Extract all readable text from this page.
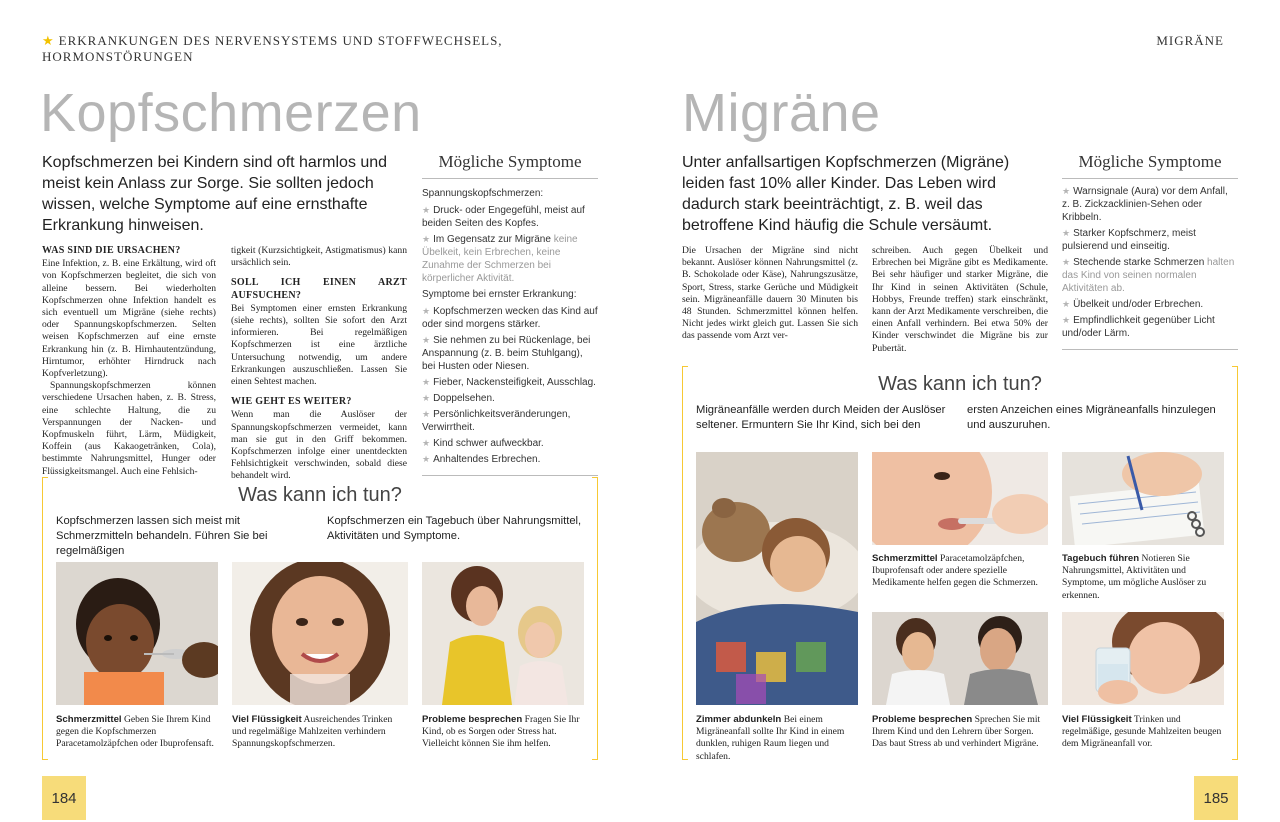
★ ERKRANKUNGEN DES NERVENSYSTEMS UND STOFFWECHSELS, HORMONSTÖRUNGEN
Kopfschmerzen
Kopfschmerzen bei Kindern sind oft harmlos und meist kein Anlass zur Sorge. Sie sollten jedoch wissen, welche Symptome auf eine ernsthafte Erkrankung hinweisen.
WAS SIND DIE URSACHEN?

Eine Infektion, z. B. eine Erkältung, wird oft von Kopfschmerzen begleitet, die sich von alleine bessern. Bei wiederholten Kopfschmerzen ohne Infektion handelt es sich eventuell um Migräne (siehe rechts) oder Spannungskopfschmerzen. Selten weisen Kopfschmerzen auf eine ernste Erkrankung hin (z. B. Hirnhautentzündung, Hirntumor, erhöhter Hirndruck nach Kopfverletzung).

Spannungskopfschmerzen können verschiedene Ursachen haben, z. B. Stress, eine schlechte Haltung, die zu Verspannungen der Nacken- und Kopfmuskeln führt, Lärm, Müdigkeit, Koffein (aus Kakaogetränken, Cola), bestimmte Nahrungsmittel, Hunger oder Flüssigkeitsmangel. Auch eine Fehlsich-

tigkeit (Kurzsichtigkeit, Astigmatismus) kann ursächlich sein.

SOLL ICH EINEN ARZT AUFSUCHEN?

Bei Symptomen einer ernsten Erkrankung (siehe rechts), sollten Sie sofort den Arzt informieren. Bei regelmäßigen Kopfschmerzen ist eine ärztliche Untersuchung notwendig, um andere Erkrankungen auszuschließen. Lassen Sie einen Sehtest machen.

WIE GEHT ES WEITER?

Wenn man die Auslöser der Spannungskopfschmerzen vermeidet, kann man sie gut in den Griff bekommen. Kopfschmerzen infolge einer unentdeckten Fehlsichtigkeit verschwinden, sobald diese behandelt wird.

Mögliche Symptome
Spannungskopfschmerzen:
★ Druck- oder Engegefühl, meist auf beiden Seiten des Kopfes.
★ Im Gegensatz zur Migräne keine Übelkeit, kein Erbrechen, keine Zunahme der Schmerzen bei körperlicher Aktivität.
Symptome bei ernster Erkrankung:
★ Kopfschmerzen wecken das Kind auf oder sind morgens stärker.
★ Sie nehmen zu bei Rückenlage, bei Anspannung (z. B. beim Stuhlgang), bei Husten oder Niesen.
★ Fieber, Nackensteifigkeit, Ausschlag.
★ Doppelsehen.
★ Persönlichkeitsveränderungen, Verwirrtheit.
★ Kind schwer aufweckbar.
★ Anhaltendes Erbrechen.
Was kann ich tun?
Kopfschmerzen lassen sich meist mit Schmerzmitteln behandeln. Führen Sie bei regelmäßigen
Kopfschmerzen ein Tagebuch über Nahrungsmittel, Aktivitäten und Symptome.
Schmerzmittel Geben Sie Ihrem Kind gegen die Kopfschmerzen Paracetamolzäpfchen oder Ibuprofensaft.
Viel Flüssigkeit Ausreichendes Trinken und regelmäßige Mahlzeiten verhindern Spannungskopfschmerzen.
Probleme besprechen Fragen Sie Ihr Kind, ob es Sorgen oder Stress hat. Vielleicht können Sie ihm helfen.
184
MIGRÄNE
Migräne
Unter anfallsartigen Kopfschmerzen (Migräne) leiden fast 10% aller Kinder. Das Leben wird dadurch stark beeinträchtigt, z. B. weil das betroffene Kind häufig die Schule versäumt.
Die Ursachen der Migräne sind nicht bekannt. Auslöser können Nahrungsmittel (z. B. Schokolade oder Käse), Nahrungszusätze, Sport, Stress, starke Gerüche und Müdigkeit sein. Migräneanfälle dauern 30 Minuten bis 48 Stunden. Schmerzmittel können helfen. Nicht jedes wirkt gleich gut. Lassen Sie sich das passende vom Arzt ver-
schreiben. Auch gegen Übelkeit und Erbrechen bei Migräne gibt es Medikamente. Bei sehr häufiger und starker Migräne, die Ihr Kind in seinen Aktivitäten (Schule, Hobbys, Freunde treffen) stark einschränkt, kann der Arzt Medikamente verschreiben, die einen Anfall verhindern. Bei etwa 50% der Kinder verschwindet die Migräne bis zur Pubertät.
Mögliche Symptome
★ Warnsignale (Aura) vor dem Anfall, z. B. Zickzacklinien-Sehen oder Kribbeln.
★ Starker Kopfschmerz, meist pulsierend und einseitig.
★ Stechende starke Schmerzen halten das Kind von seinen normalen Aktivitäten ab.
★ Übelkeit und/oder Erbrechen.
★ Empfindlichkeit gegenüber Licht und/oder Lärm.
Was kann ich tun?
Migräneanfälle werden durch Meiden der Auslöser seltener. Ermuntern Sie Ihr Kind, sich bei den
ersten Anzeichen eines Migräneanfalls hinzulegen und auszuruhen.
Zimmer abdunkeln Bei einem Migräneanfall sollte Ihr Kind in einem dunklen, ruhigen Raum liegen und schlafen.
Schmerzmittel Paracetamolzäpfchen, Ibuprofensaft oder andere spezielle Medikamente helfen gegen die Schmerzen.
Tagebuch führen Notieren Sie Nahrungsmittel, Aktivitäten und Symptome, um mögliche Auslöser zu erkennen.
Probleme besprechen Sprechen Sie mit Ihrem Kind und den Lehrern über Sorgen. Das baut Stress ab und verhindert Migräne.
Viel Flüssigkeit Trinken und regelmäßige, gesunde Mahlzeiten beugen dem Migräneanfall vor.
185
